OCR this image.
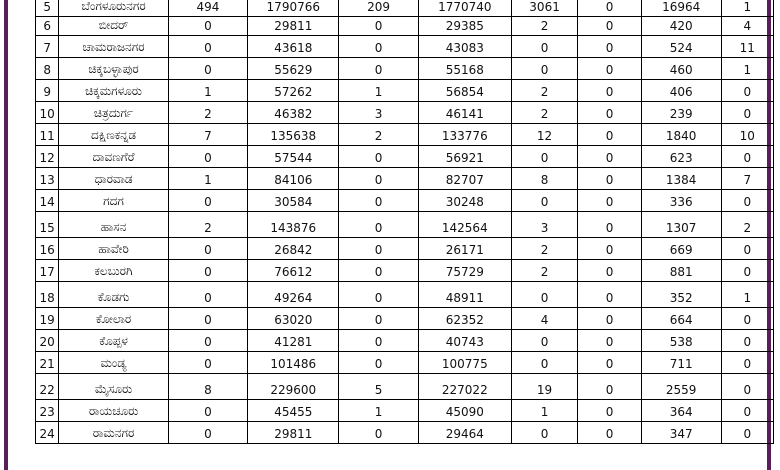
5	ಬೆಂಗಳೂರುನಗರ	494	1790766	209	1770740	3061	0	16964	1
6	ಬೀದರ್	0	29811	0	29385	2	0	420	4
7	ಚಾಮರಾಜನಗರ	0	43618	0	43083	0	0	524	11
8	ಚಿಕ್ಕಬಳ್ಳಾಪುರ	0	55629	0	55168	0	0	460	1
9	ಚಿಕ್ಕಮಗಳೂರು	1	57262	1	56854	2	0	406	0
10	ಚಿತ್ರದುರ್ಗ	2	46382	3	46141	2	0	239	0
11	ದಕ್ಷಿಣಕನ್ನಡ	7	135638	2	133776	12	0	1840	10
12	ದಾವಣಗೆರೆ	0	57544	0	56921	0	0	623	0
13	ಧಾರವಾಡ	1	84106	0	82707	8	0	1384	7
14	ಗದಗ	0	30584	0	30248	0	0	336	0
15	ಹಾಸನ	2	143876	0	142564	3	0	1307	2
16	ಹಾವೇರಿ	0	26842	0	26171	2	0	669	0
17	ಕಲಬುರಗಿ	0	76612	0	75729	2	0	881	0
18	ಕೊಡಗು	0	49264	0	48911	0	0	352	1
19	ಕೋಲಾರ	0	63020	0	62352	4	0	664	0
20	ಕೊಪ್ಪಳ	0	41281	0	40743	0	0	538	0
21	ಮಂಡ್ಯ	0	101486	0	100775	0	0	711	0
22	ಮೈಸೂರು	8	229600	5	227022	19	0	2559	0
23	ರಾಯಚೂರು	0	45455	1	45090	1	0	364	0
24	ರಾಮನಗರ	0	29811	0	29464	0	0	347	0
